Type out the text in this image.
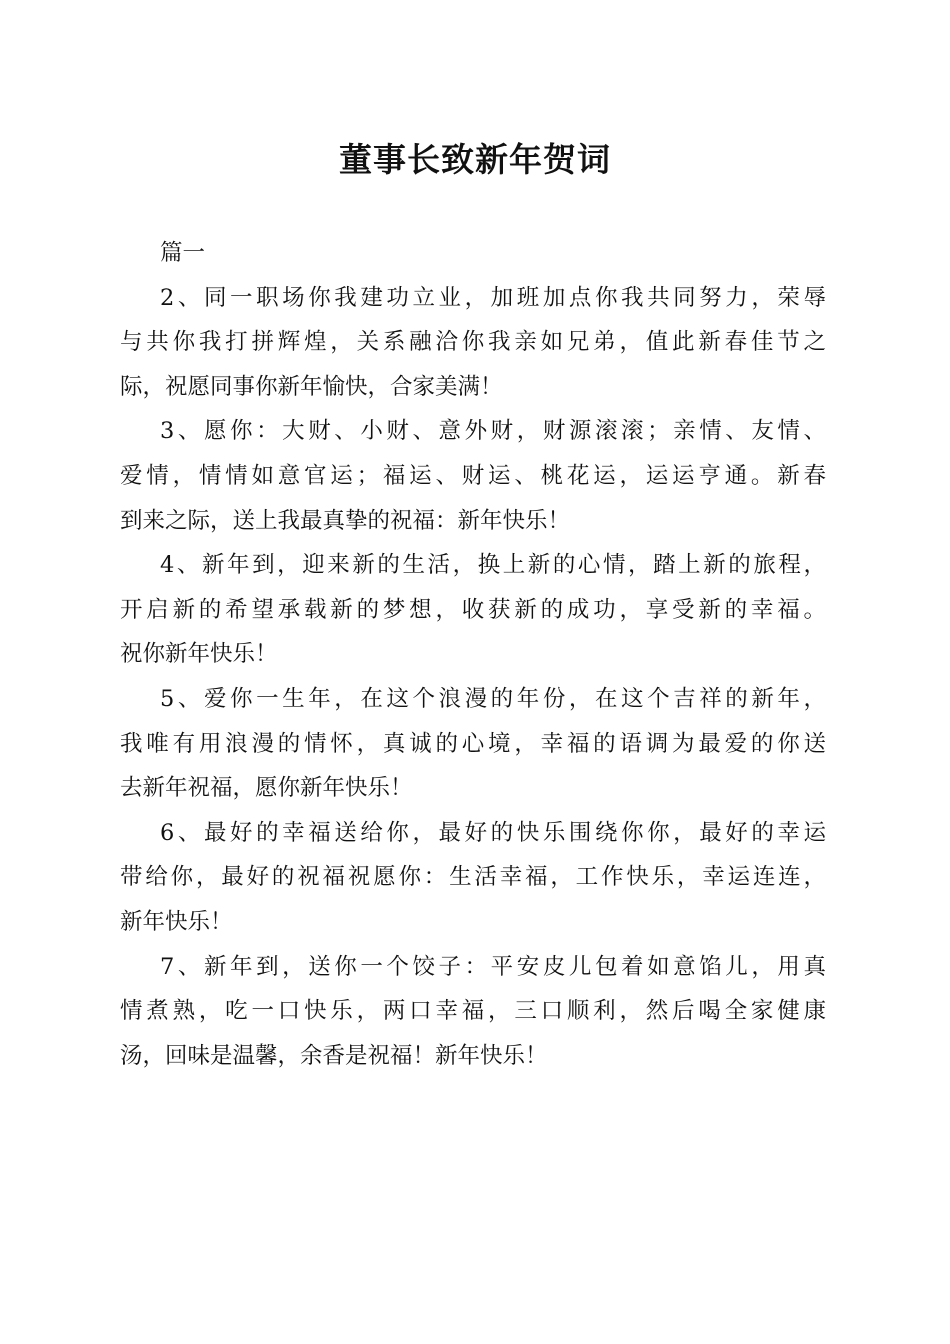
董事长致新年贺词
篇一
2、同一职场你我建功立业，加班加点你我共同努力，荣辱
与共你我打拼辉煌，关系融洽你我亲如兄弟，值此新春佳节之
际，祝愿同事你新年愉快，合家美满！
3、愿你：大财、小财、意外财，财源滚滚；亲情、友情、
爱情，情情如意官运；福运、财运、桃花运，运运亨通。新春
到来之际，送上我最真挚的祝福：新年快乐！
4、新年到，迎来新的生活，换上新的心情，踏上新的旅程，
开启新的希望承载新的梦想，收获新的成功，享受新的幸福。
祝你新年快乐！
5、爱你一生年，在这个浪漫的年份，在这个吉祥的新年，
我唯有用浪漫的情怀，真诚的心境，幸福的语调为最爱的你送
去新年祝福，愿你新年快乐！
6、最好的幸福送给你，最好的快乐围绕你你，最好的幸运
带给你，最好的祝福祝愿你：生活幸福，工作快乐，幸运连连，
新年快乐！
7、新年到，送你一个饺子：平安皮儿包着如意馅儿，用真
情煮熟，吃一口快乐，两口幸福，三口顺利，然后喝全家健康
汤，回味是温馨，余香是祝福！新年快乐！
